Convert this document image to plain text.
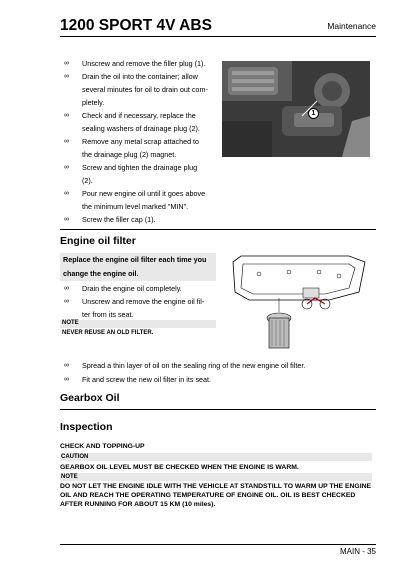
1200 SPORT 4V ABS	Maintenance
∞ Unscrew and remove the filler plug (1).
∞ Drain the oil into the container; allow
several minutes for oil to drain out com-
pletely.
∞ Check and if necessary, replace the
sealing washers of drainage plug (2).
∞ Remove any metal scrap attached to
the drainage plug (2) magnet.
∞ Screw and tighten the drainage plug
(2).
∞ Pour new engine oil until it goes above
the minimum level marked "MIN".
∞ Screw the filler cap (1).
1
Engine oil filter
Replace the engine oil filter each time you
change the engine oil.
∞ Drain the engine oil completely.
∞ Unscrew and remove the engine oil fil-
ter from its seat.
NOTE
NEVER REUSE AN OLD FILTER.
∞ Spread a thin layer of oil on the sealing ring of the new engine oil filter.
∞ Fit and screw the new oil filter in its seat.
Gearbox Oil
Inspection
CHECK AND TOPPING-UP
CAUTION
GEARBOX OIL LEVEL MUST BE CHECKED WHEN THE ENGINE IS WARM.
NOTE
DO NOT LET THE ENGINE IDLE WITH THE VEHICLE AT STANDSTILL TO WARM UP THE ENGINE
OIL AND REACH THE OPERATING TEMPERATURE OF ENGINE OIL. OIL IS BEST CHECKED
AFTER RUNNING FOR ABOUT 15 KM (10 miles).
MAIN - 35
